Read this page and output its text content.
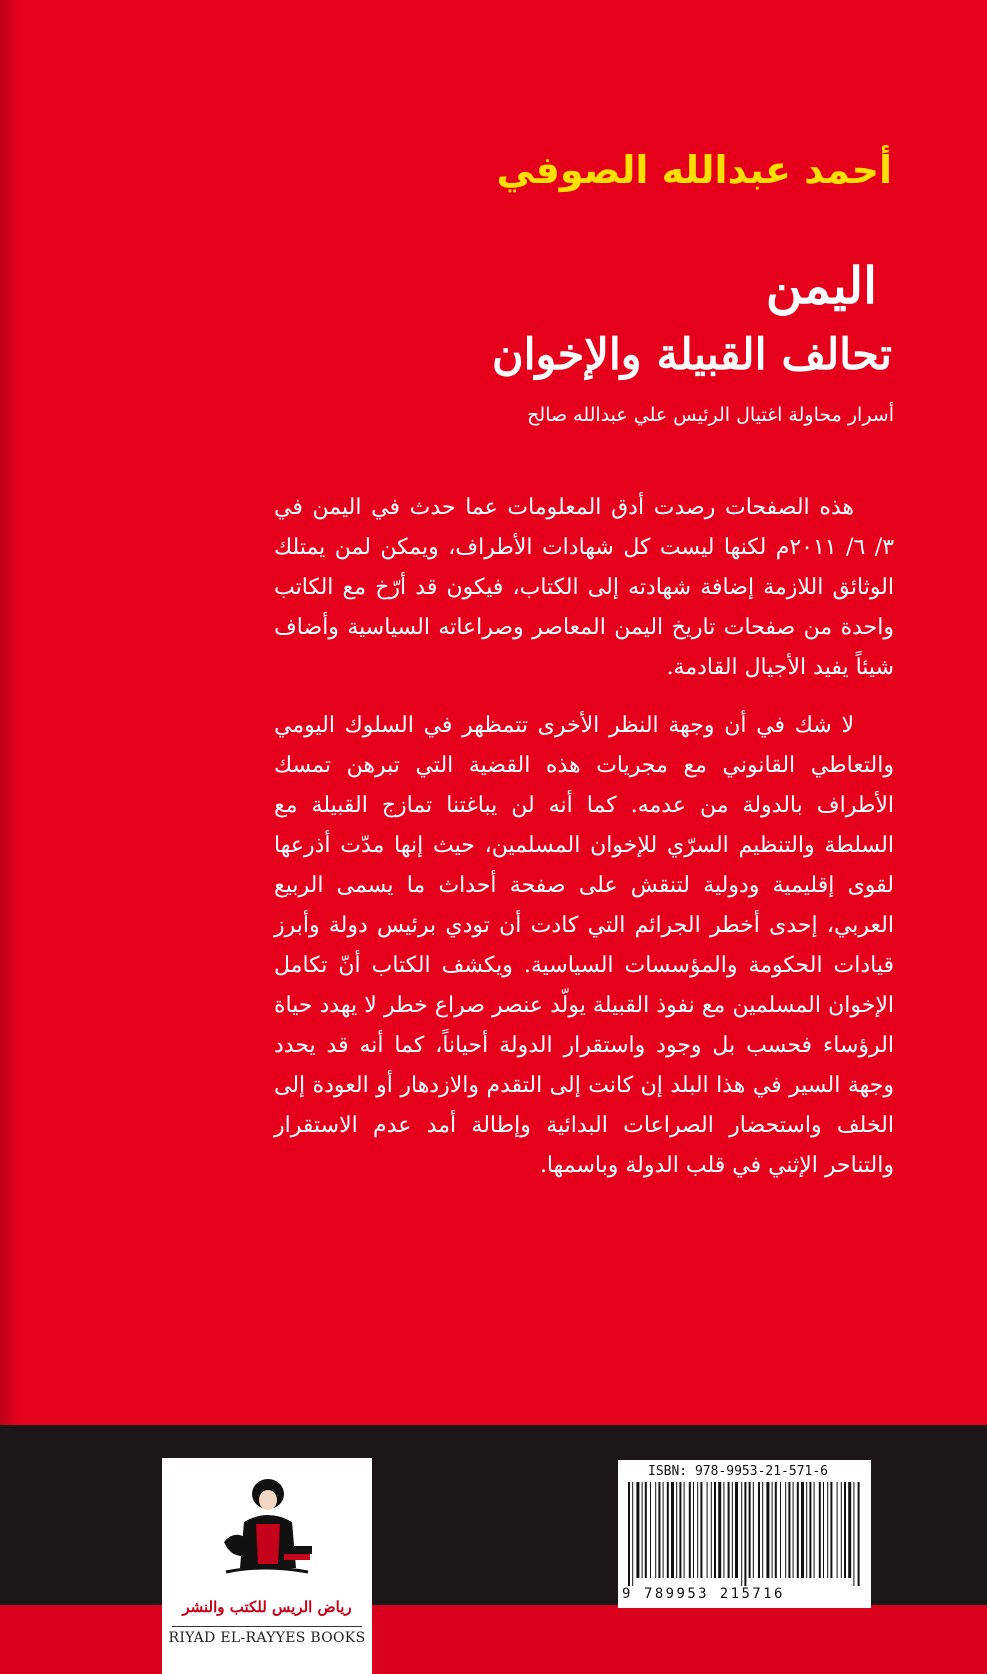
أحمد عبدالله الصوفي
اليمن
تحالف القبيلة والإخوان
أسرار محاولة اغتيال الرئيس علي عبدالله صالح

هذه الصفحات رصدت أدق المعلومات عما حدث في اليمن في ٣/ ٦/ ٢٠١١م لكنها ليست كل شهادات الأطراف، ويمكن لمن يمتلك الوثائق اللازمة إضافة شهادته إلى الكتاب، فيكون قد أرّخ مع الكاتب واحدة من صفحات تاريخ اليمن المعاصر وصراعاته السياسية وأضاف شيئاً يفيد الأجيال القادمة.

لا شك في أن وجهة النظر الأخرى تتمظهر في السلوك اليومي والتعاطي القانوني مع مجريات هذه القضية التي تبرهن تمسك الأطراف بالدولة من عدمه. كما أنه لن يباغتنا تمازج القبيلة مع السلطة والتنظيم السرّي للإخوان المسلمين، حيث إنها مدّت أذرعها لقوى إقليمية ودولية لتنقش على صفحة أحداث ما يسمى الربيع العربي، إحدى أخطر الجرائم التي كادت أن تودي برئيس دولة وأبرز قيادات الحكومة والمؤسسات السياسية. ويكشف الكتاب أنّ تكامل الإخوان المسلمين مع نفوذ القبيلة يولّد عنصر صراع خطر لا يهدد حياة الرؤساء فحسب بل وجود واستقرار الدولة أحياناً، كما أنه قد يحدد وجهة السير في هذا البلد إن كانت إلى التقدم والازدهار أو العودة إلى الخلف واستحضار الصراعات البدائية وإطالة أمد عدم الاستقرار والتناحر الإثني في قلب الدولة وباسمها.

رياض الريس للكتب والنشر
RIYAD EL-RAYYES BOOKS
ISBN: 978-9953-21-571-6
9 789953 215716
